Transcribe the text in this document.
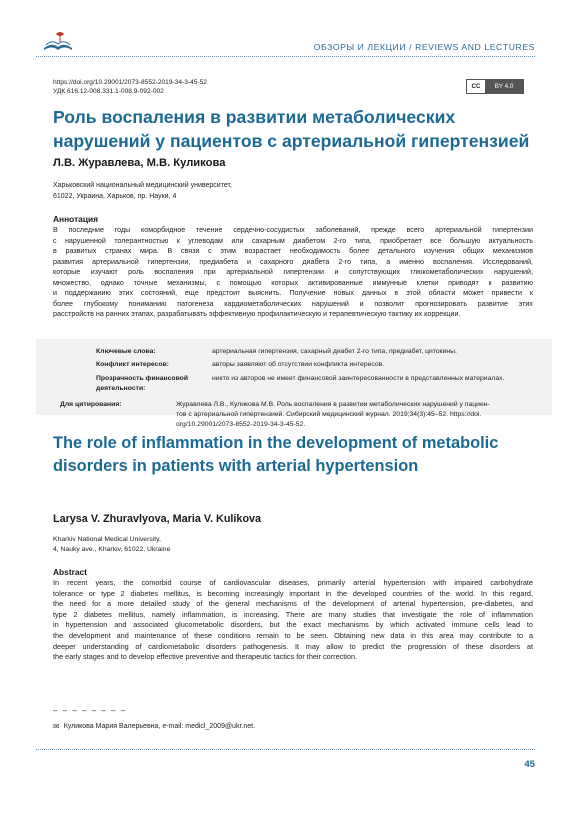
ОБЗОРЫ И ЛЕКЦИИ / REVIEWS AND LECTURES
https://doi.org/10.29001/2073-8552-2019-34-3-45-52
УДК 616.12-008.331.1-008.9-092-002
CC	BY 4.0
Роль воспаления в развитии метаболических
нарушений у пациентов с артериальной гипертензией
Л.В. Журавлева, М.В. Куликова
Харьковский национальный медицинский университет,
61022, Украина, Харьков, пр. Науки, 4
Аннотация
В последние годы коморбидное течение сердечно-сосудистых заболеваний, прежде всего артериальной гипертензии
с нарушенной толерантностью к углеводам или сахарным диабетом 2-го типа, приобретает все большую актуальность
в развитых странах мира. В связи с этим возрастает необходимость более детального изучения общих механизмов
развития артериальной гипертензии, предиабета и сахарного диабета 2-го типа, а именно воспаления. Исследований,
которые изучают роль воспаления при артериальной гипертензии и сопутствующих глюкометаболических нарушений,
множество, однако точные механизмы, с помощью которых активированные иммунные клетки приводят к развитию
и поддержанию этих состояний, еще предстоит выяснить. Получение новых данных в этой области может привести к
более глубокому пониманию патогенеза кардиометаболических нарушений и позволит прогнозировать развитие этих
расстройств на ранних этапах, разрабатывать эффективную профилактическую и терапевтическую тактику их коррекции.
Ключевые слова:	артериальная гипертензия, сахарный диабет 2-го типа, предиабет, цитокины.
Конфликт интересов:	авторы заявляют об отсутствии конфликта интересов.
Прозрачность финансовой
деятельности:
никто из авторов не имеет финансовой заинтересованности в представленных материалах.
Для цитирования:	Журавлева Л.В., Куликова М.В. Роль воспаления в развитии метаболических нарушений у пациен-
тов с артериальной гипертензией. Сибирский медицинский журнал. 2019;34(3):45–52. https://doi.
org/10.29001/2073-8552-2019-34-3-45-52.
The role of inflammation in the development of metabolic
disorders in patients with arterial hypertension
Larysa V. Zhuravlyova, Maria V. Kulikova
Kharkiv National Medical University,
4, Nauky ave., Kharkiv, 61022, Ukraine
Abstract
In recent years, the comorbid course of cardiovascular diseases, primarily arterial hypertension with impaired carbohydrate
tolerance or type 2 diabetes mellitus, is becoming increasingly important in the developed countries of the world. In this regard,
the need for a more detailed study of the general mechanisms of the development of arterial hypertension, pre-diabetes, and
type 2 diabetes mellitus, namely inflammation, is increasing. There are many studies that investigate the role of inflammation
in hypertension and associated glucometabolic disorders, but the exact mechanisms by which activated immune cells lead to
the development and maintenance of these conditions remain to be seen. Obtaining new data in this area may contribute to a
deeper understanding of cardiometabolic disorders pathogenesis. It may allow to predict the progression of these disorders at
the early stages and to develop effective preventive and therapeutic tactics for their correction.
– – – – – – – –
✉ Куликова Мария Валерьевна, e-mail: medicl_2009@ukr.net.
45
